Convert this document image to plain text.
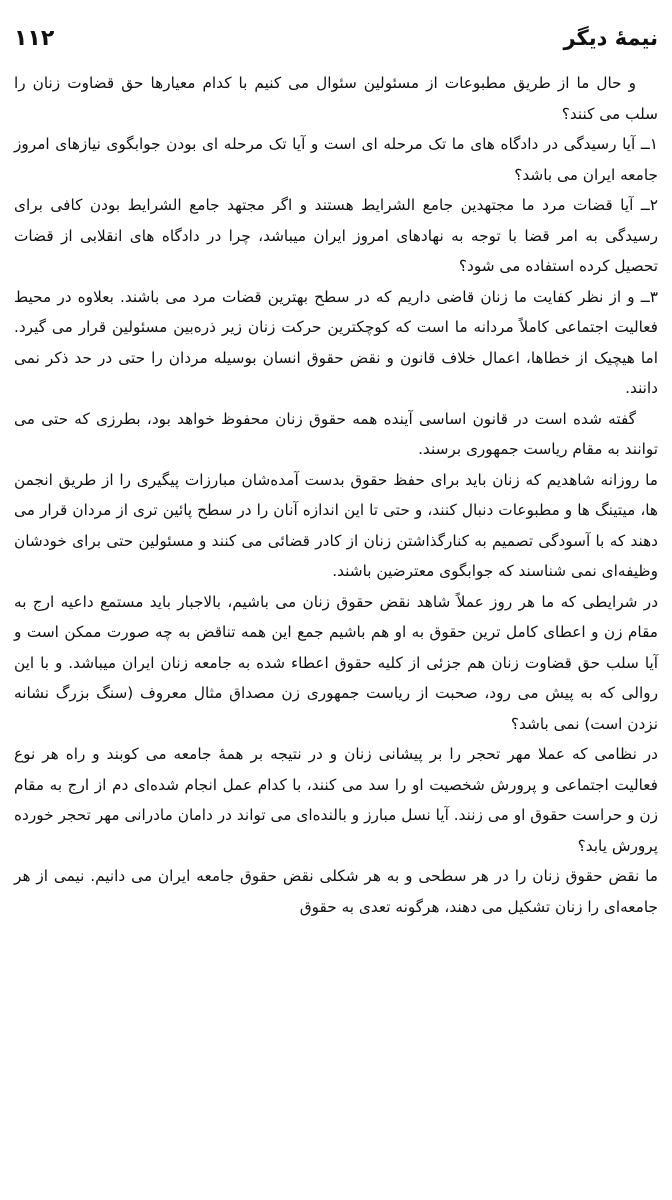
نیمهٔ دیگر
۱۱۲

و حال ما از طریق مطبوعات از مسئولین سئوال می کنیم با کدام معیارها حق قضاوت زنان را سلب می کنند؟

۱ــ آیا رسیدگی در دادگاه های ما تک مرحله ای است و آیا تک مرحله ای بودن جوابگوی نیازهای امروز جامعه ایران می باشد؟

۲ــ آیا قضات مرد ما مجتهدین جامع الشرایط هستند و اگر مجتهد جامع الشرایط بودن کافی برای رسیدگی به امر قضا با توجه به نهادهای امروز ایران میباشد، چرا در دادگاه های انقلابی از قضات تحصیل کرده استفاده می شود؟

۳ــ و از نظر کفایت ما زنان قاضی داریم که در سطح بهترین قضات مرد می باشند. بعلاوه در محیط فعالیت اجتماعی کاملاً مردانه ما است که کوچکترین حرکت زنان زیر ذره‌بین مسئولین قرار می گیرد. اما هیچیک از خطاها، اعمال خلاف قانون و نقض حقوق انسان بوسیله مردان را حتی در حد ذکر نمی دانند.

گفته شده است در قانون اساسی آینده همه حقوق زنان محفوظ خواهد بود، بطرزی که حتی می توانند به مقام ریاست جمهوری برسند.

ما روزانه شاهدیم که زنان باید برای حفظ حقوق بدست آمده‌شان مبارزات پیگیری را از طریق انجمن ها، میتینگ ها و مطبوعات دنبال کنند، و حتی تا این اندازه آنان را در سطح پائین تری از مردان قرار می دهند که با آسودگی تصمیم به کنارگذاشتن زنان از کادر قضائی می کنند و مسئولین حتی برای خودشان وظیفه‌ای نمی شناسند که جوابگوی معترضین باشند.

در شرایطی که ما هر روز عملاً شاهد نقض حقوق زنان می باشیم، بالاجبار باید مستمع داعیه ارج به مقام زن و اعطای کامل ترین حقوق به او هم باشیم جمع این همه تناقض به چه صورت ممکن است و آیا سلب حق قضاوت زنان هم جزئی از کلیه حقوق اعطاء شده به جامعه زنان ایران میباشد. و با این روالی که به پیش می رود، صحبت از ریاست جمهوری زن مصداق مثال معروف (سنگ بزرگ نشانه نزدن است) نمی باشد؟

در نظامی که عملا مهر تحجر را بر پیشانی زنان و در نتیجه بر همهٔ جامعه می کوبند و راه هر نوع فعالیت اجتماعی و پرورش شخصیت او را سد می کنند، با کدام عمل انجام شده‌ای دم از ارج به مقام زن و حراست حقوق او می زنند. آیا نسل مبارز و بالنده‌ای می تواند در دامان مادرانی مهر تحجر خورده پرورش یابد؟

ما نقض حقوق زنان را در هر سطحی و به هر شکلی نقض حقوق جامعه ایران می دانیم. نیمی از هر جامعه‌ای را زنان تشکیل می دهند، هرگونه تعدی به حقوق
